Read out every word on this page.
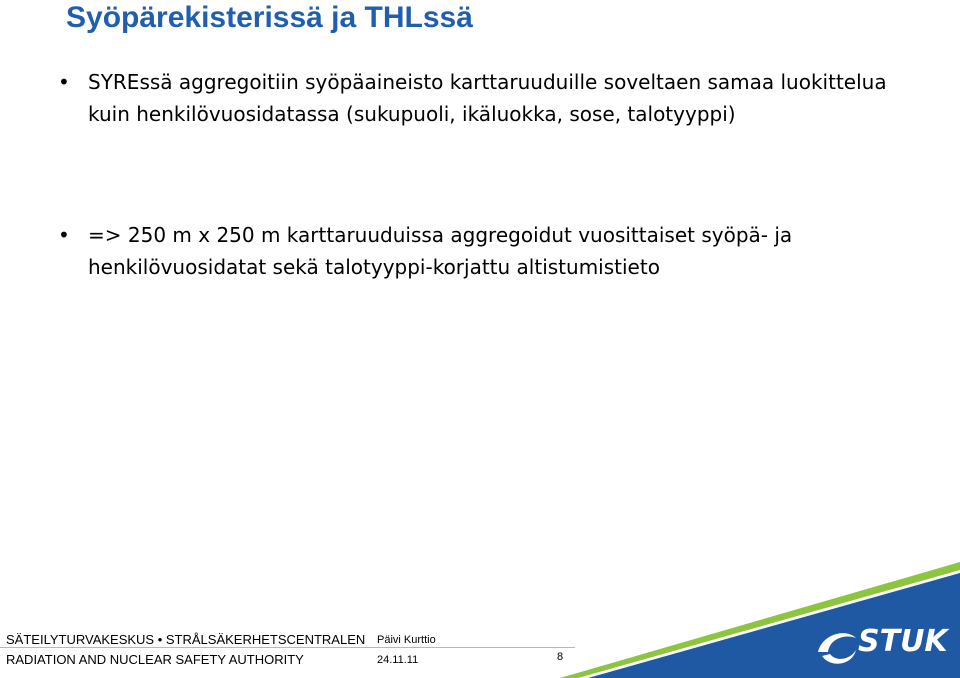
Syöpärekisterissä ja THLssä
• SYREssä aggregoitiin syöpäaineisto karttaruuduille soveltaen samaa luokittelua kuin henkilövuosidatassa (sukupuoli, ikäluokka, sose, talotyyppi)
• => 250 m x 250 m karttaruuduissa aggregoidut vuosittaiset syöpä- ja henkilövuosidatat sekä talotyyppi-korjattu altistumistieto
SÄTEILYTURVAKESKUS • STRÅLSÄKERHETSCENTRALEN
RADIATION AND NUCLEAR SAFETY AUTHORITY
Päivi Kurttio
24.11.11	8	STUK
